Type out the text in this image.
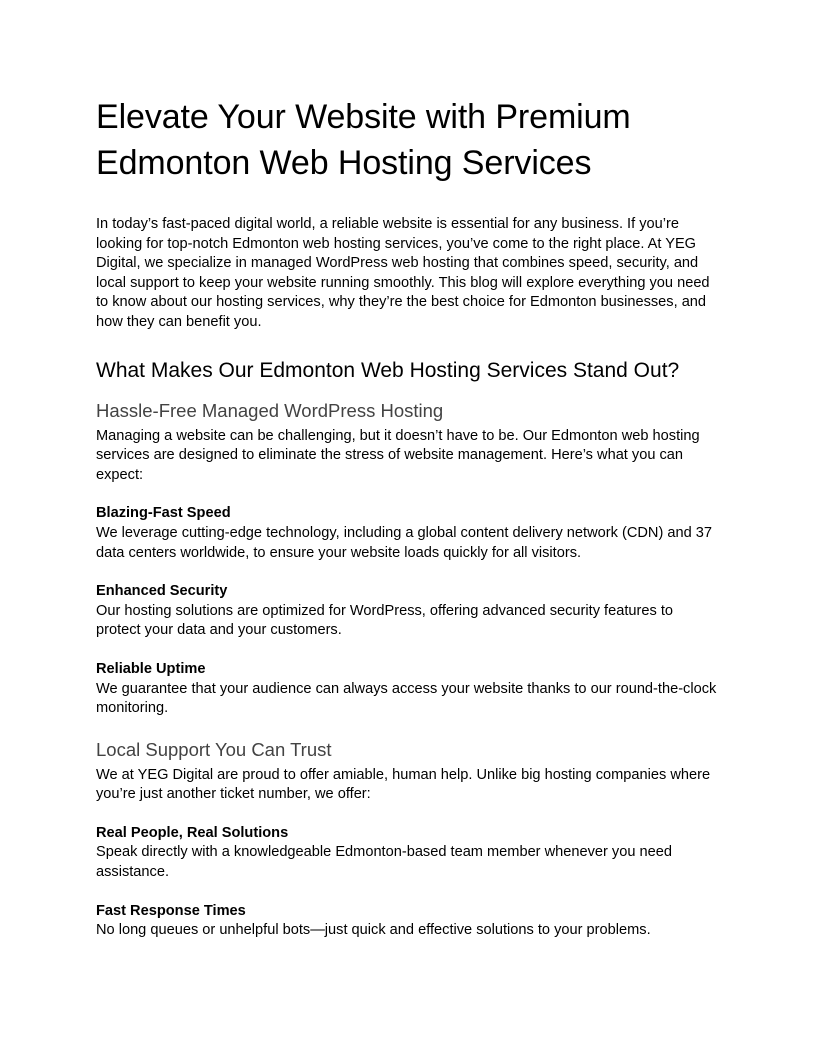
Elevate Your Website with Premium Edmonton Web Hosting Services

In today’s fast-paced digital world, a reliable website is essential for any business. If you’re looking for top-notch Edmonton web hosting services, you’ve come to the right place. At YEG Digital, we specialize in managed WordPress web hosting that combines speed, security, and local support to keep your website running smoothly. This blog will explore everything you need to know about our hosting services, why they’re the best choice for Edmonton businesses, and how they can benefit you.

What Makes Our Edmonton Web Hosting Services Stand Out?
Hassle-Free Managed WordPress Hosting

Managing a website can be challenging, but it doesn’t have to be. Our Edmonton web hosting services are designed to eliminate the stress of website management. Here’s what you can expect:

Blazing-Fast Speed

We leverage cutting-edge technology, including a global content delivery network (CDN) and 37 data centers worldwide, to ensure your website loads quickly for all visitors.

Enhanced Security

Our hosting solutions are optimized for WordPress, offering advanced security features to protect your data and your customers.

Reliable Uptime

We guarantee that your audience can always access your website thanks to our round-the-clock monitoring.

Local Support You Can Trust

We at YEG Digital are proud to offer amiable, human help. Unlike big hosting companies where you’re just another ticket number, we offer:

Real People, Real Solutions

Speak directly with a knowledgeable Edmonton-based team member whenever you need assistance.

Fast Response Times

No long queues or unhelpful bots—just quick and effective solutions to your problems.
